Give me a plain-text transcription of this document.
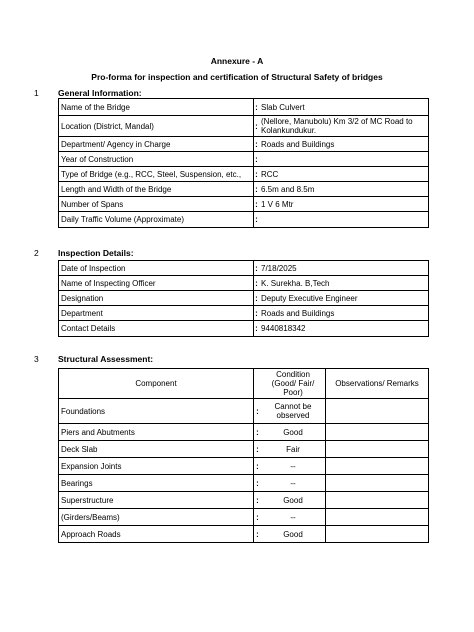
Annexure - A
Pro-forma for inspection and certification of Structural Safety of bridges
1 General Information:
Name of the Bridge	:	Slab Culvert
Location (District, Mandal)	:	(Nellore, Manubolu) Km 3/2 of MC Road to Kolankundukur.
Department/ Agency in Charge	:	Roads and Buildings
Year of Construction	:	
Type of Bridge (e.g., RCC, Steel, Suspension, etc.,	:	RCC
Length and Width of the Bridge	:	6.5m and 8.5m
Number of Spans	:	1 V 6 Mtr
Daily Traffic Volume (Approximate)	:	
2 Inspection Details:
Date of Inspection	:	7/18/2025
Name of Inspecting Officer	:	K. Surekha. B,Tech
Designation	:	Deputy Executive Engineer
Department	:	Roads and Buildings
Contact Details	:	9440818342
3 Structural Assessment:
Component		Condition (Good/ Fair/ Poor)	Observations/ Remarks
Foundations	:	Cannot be observed	
Piers and Abutments	:	Good	
Deck Slab	:	Fair	
Expansion Joints	:	--	
Bearings	:	--	
Superstructure	:	Good	
(Girders/Beams)	:	--	
Approach Roads	:	Good	
